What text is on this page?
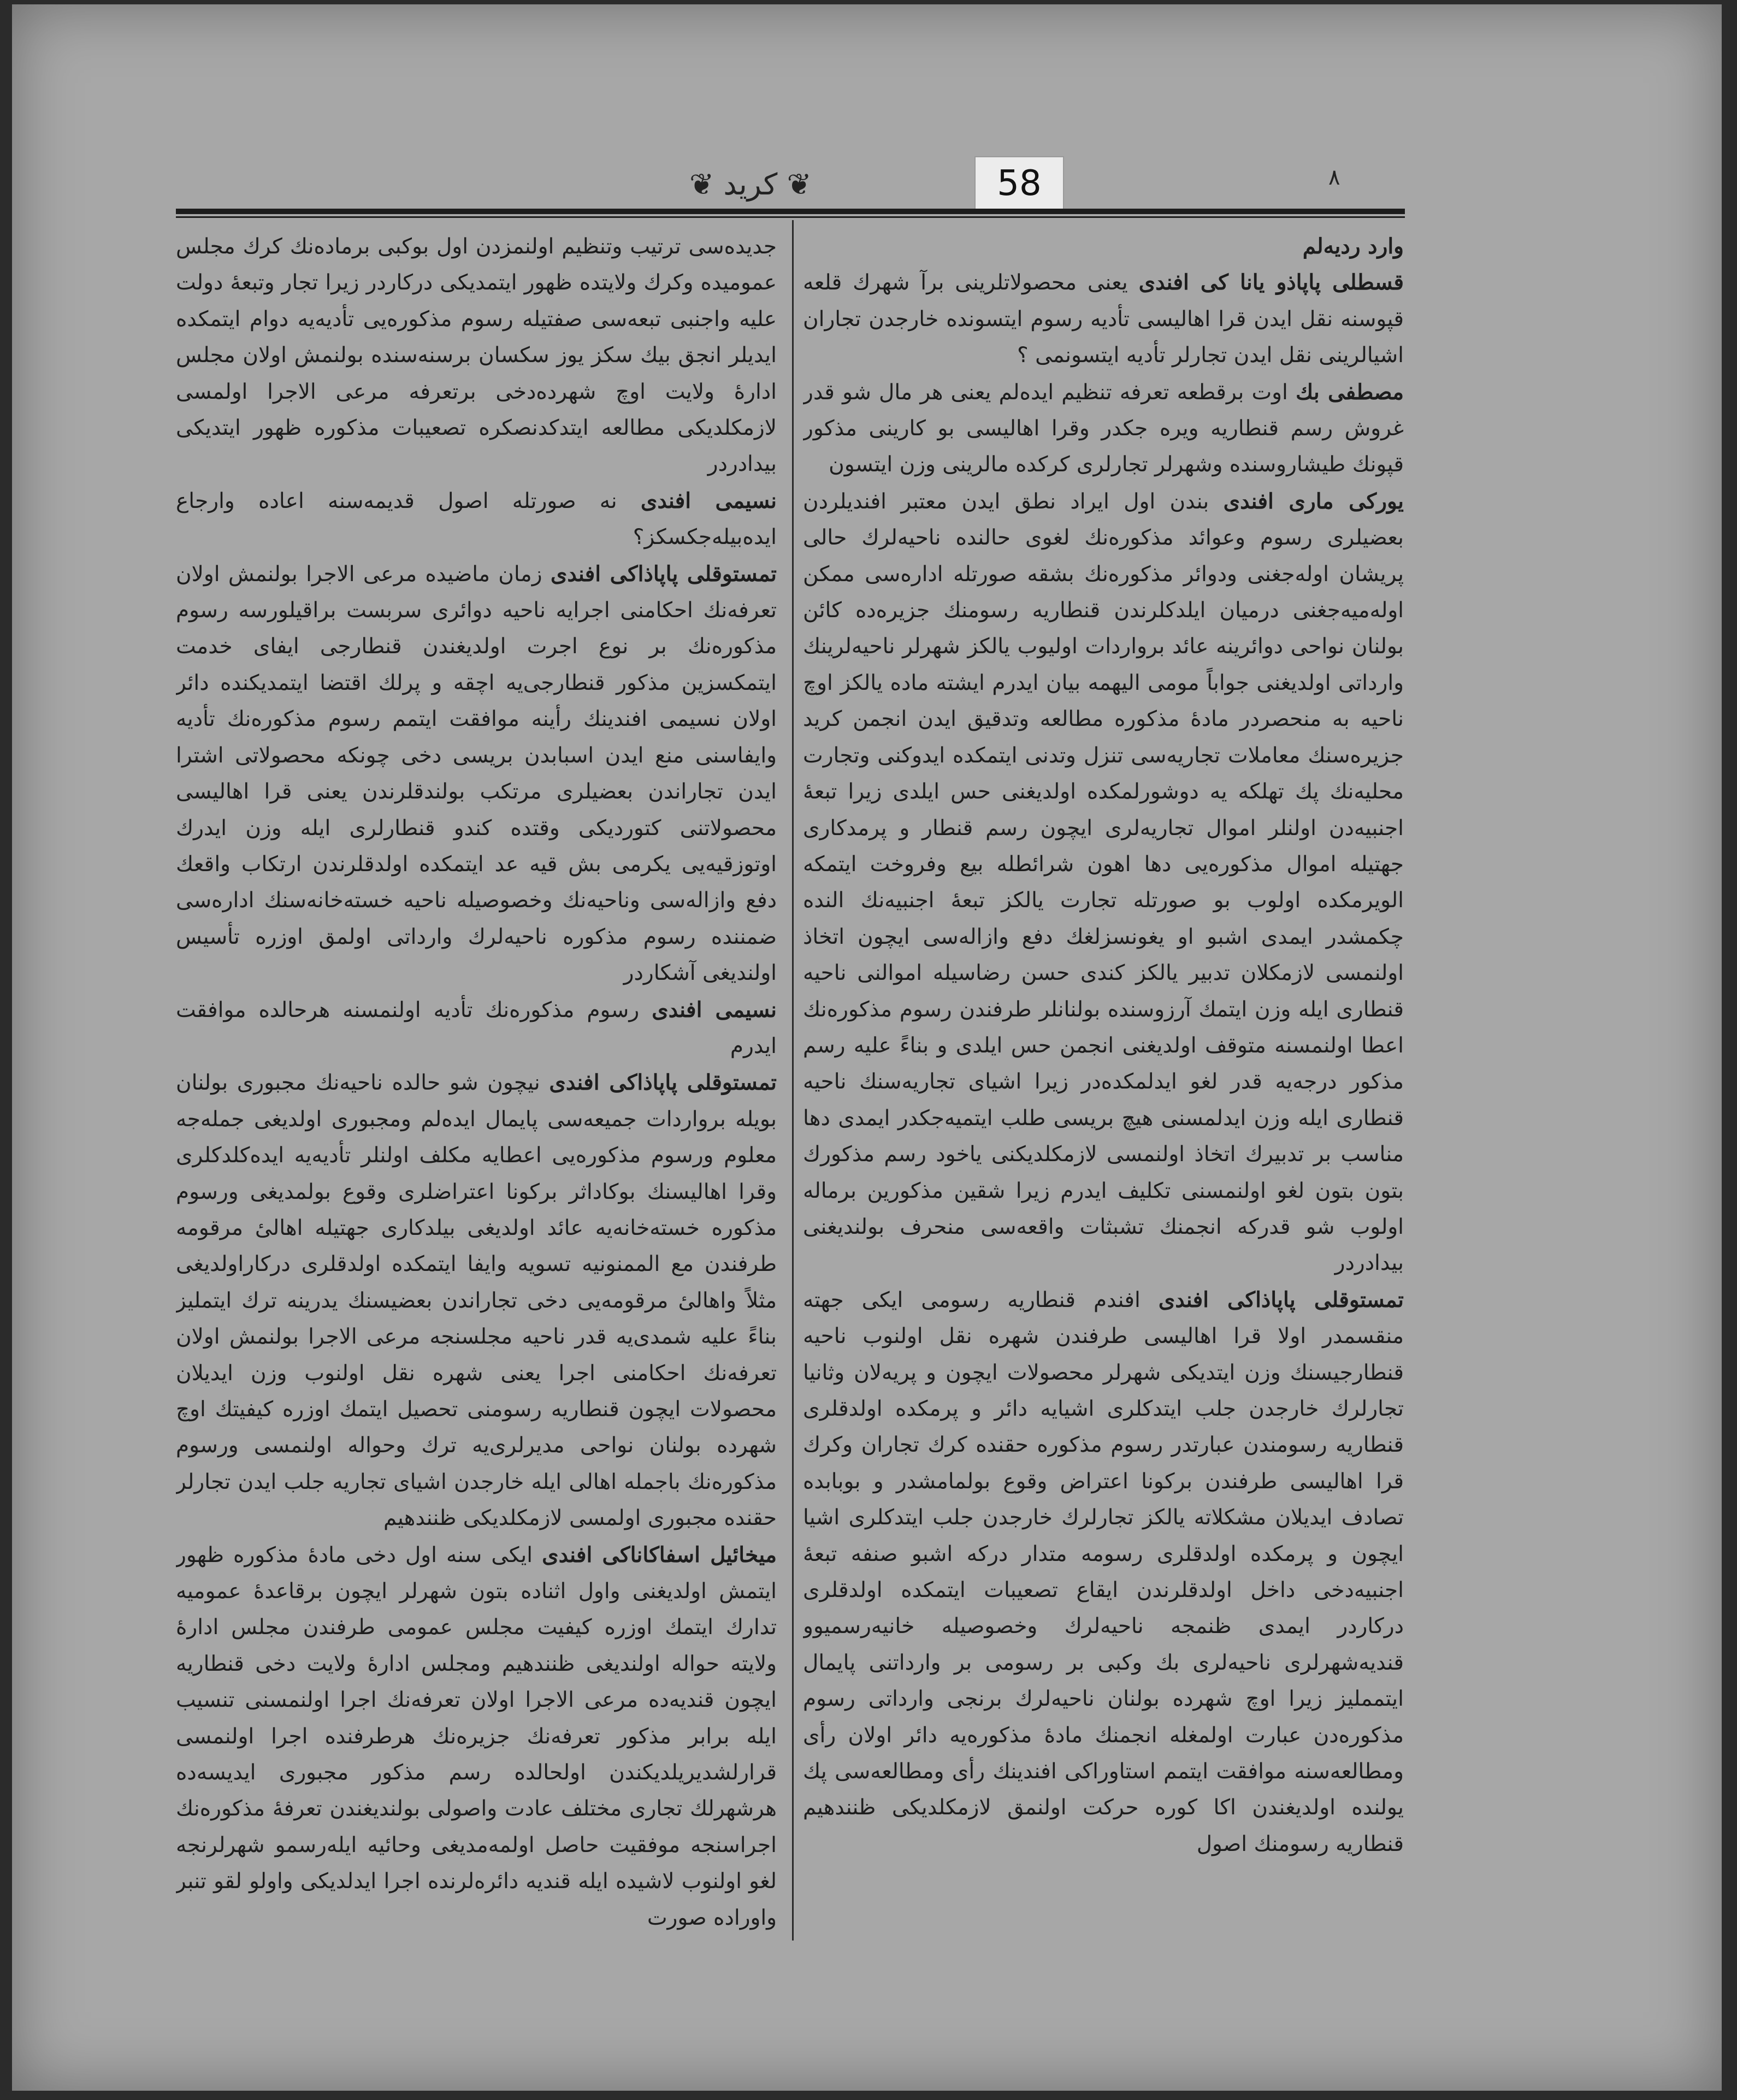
❦ کرید ❦	58	٨

وارد ردیه‌لم

قسطلی پاپاذو یانا کی افندی یعنی محصولاتلرینی برآ شهرك قلعه قپوسنه نقل ایدن قرا اهالیسی تأدیه رسوم ایتسونده خارجدن تجاران اشیالرینی نقل ایدن تجارلر تأدیه ایتسونمی ؟

مصطفی بك اوت برقطعه تعرفه تنظیم ایده‌لم یعنی هر مال شو قدر غروش رسم قنطاریه ویره جکدر وقرا اهالیسی بو کارینی مذکور قپونك طیشاروسنده وشهرلر تجارلری کرکده مالرینی وزن ایتسون

یورکی ماری افندی بندن اول ایراد نطق ایدن معتبر افندیلردن بعضیلری رسوم وعوائد مذکوره‌نك لغوی حالنده ناحیه‌لرك حالی پریشان اوله‌جغنی ودوائر مذکوره‌نك بشقه صورتله اداره‌سی ممکن اوله‌میه‌جغنی درمیان ایلدکلرندن قنطاریه رسومنك جزیره‌ده کائن بولنان نواحی دوائرینه عائد برواردات اولیوب یالکز شهرلر ناحیه‌لرینك وارداتی اولدیغنی جواباً مومی الیهمه بیان ایدرم ایشته ماده یالکز اوچ ناحیه به منحصردر ماده‌ٔ مذکوره مطالعه وتدقیق ایدن انجمن کرید جزیره‌سنك معاملات تجاریه‌سی تنزل وتدنی ایتمکده ایدوکنی وتجارت محلیه‌نك پك تهلکه یه دوشورلمکده اولدیغنی حس ایلدی زیرا تبعهٔ اجنبیه‌دن اولنلر اموال تجاریه‌لری ایچون رسم قنطار و پرمدکاری جهتیله اموال مذکوره‌یی دها اهون شرائطله بیع وفروخت ایتمکه الویرمکده اولوب بو صورتله تجارت یالکز تبعهٔ اجنبیه‌نك النده چکمشدر ایمدی اشبو او یغونسزلغك دفع وازاله‌سی ایچون اتخاذ اولنمسی لازمکلان تدبیر یالکز کندی حسن رضاسیله اموالنی ناحیه قنطاری ایله وزن ایتمك آرزوسنده بولنانلر طرفندن رسوم مذکوره‌نك اعطا اولنمسنه متوقف اولدیغنی انجمن حس ایلدی و بناءً علیه رسم مذکور درجه‌یه قدر لغو ایدلمکده‌در زیرا اشیای تجاریه‌سنك ناحیه قنطاری ایله وزن ایدلمسنی هیچ بریسی طلب ایتمیه‌جکدر ایمدی دها مناسب بر تدبیرك اتخاذ اولنمسی لازمکلدیکنی یاخود رسم مذکورك بتون بتون لغو اولنمسنی تکلیف ایدرم زیرا شقین مذکورین برماله اولوب شو قدرکه انجمنك تشبثات واقعه‌سی منحرف بولندیغنی بیدادردر

تمستوقلی پاپاذاکی افندی افندم قنطاریه رسومی ایکی جهته منقسمدر اولا قرا اهالیسی طرفندن شهره نقل اولنوب ناحیه قنطارجیسنك وزن ایتدیکی شهرلر محصولات ایچون و پریه‌لان وثانیا تجارلرك خارجدن جلب ایتدکلری اشیایه دائر و پرمکده اولدقلری قنطاریه رسومندن عبارتدر رسوم مذکوره حقنده کرك تجاران وکرك قرا اهالیسی طرفندن برکونا اعتراض وقوع بولمامشدر و بوبابده تصادف ایدیلان مشکلاته یالکز تجارلرك خارجدن جلب ایتدکلری اشیا ایچون و پرمکده اولدقلری رسومه متدار درکه اشبو صنفه تبعهٔ اجنبیه‌دخی داخل اولدقلرندن ایقاع تصعیبات ایتمکده اولدقلری درکاردر ایمدی ظنمجه ناحیه‌لرك وخصوصیله خانیه‌رسمیوو قندیه‌شهرلری ناحیه‌لری بك وکبی بر رسومی بر وارداتنی پایمال ایتمملیز زیرا اوچ شهرده بولنان ناحیه‌لرك برنجی وارداتی رسوم مذکوره‌دن عبارت اولمغله انجمنك مادهٔ مذکوره‌یه دائر اولان رأی ومطالعه‌سنه موافقت ایتمم استاوراکی افندینك رأی ومطالعه‌سی پك یولنده اولدیغندن اکا کوره حرکت اولنمق لازمکلدیکی ظنندهیم قنطاریه رسومنك اصول

جدیده‌سی ترتیب وتنظیم اولنمزدن اول بوکبی برماده‌نك کرك مجلس عمومیده وکرك ولایتده ظهور ایتمدیکی درکاردر زیرا تجار وتبعهٔ دولت علیه واجنبی تبعه‌سی صفتیله رسوم مذکوره‌یی تأدیه‌یه دوام ایتمکده ایدیلر انجق بیك سکز یوز سکسان برسنه‌سنده بولنمش اولان مجلس ادارهٔ ولایت اوچ شهرده‌دخی برتعرفه مرعی الاجرا اولمسی لازمکلدیکی مطالعه ایتدکدنصکره تصعیبات مذکوره ظهور ایتدیکی بیدادردر

نسیمی افندی نه صورتله اصول قدیمه‌سنه اعاده وارجاع ایده‌بیله‌جکسکز؟

تمستوقلی پاپاذاکی افندی زمان ماضیده مرعی الاجرا بولنمش اولان تعرفه‌نك احکامنی اجرایه ناحیه دوائری سربست براقیلورسه رسوم مذکوره‌نك بر نوع اجرت اولدیغندن قنطارجی ایفای خدمت ایتمکسزین مذکور قنطارجی‌یه اچقه و پرلك اقتضا ایتمدیکنده دائر اولان نسیمی افندینك رأینه موافقت ایتمم رسوم مذکوره‌نك تأدیه وایفاسنی منع ایدن اسبابدن بریسی دخی چونکه محصولاتی اشترا ایدن تجاراندن بعضیلری مرتکب بولندقلرندن یعنی قرا اهالیسی محصولاتنی کتوردیکی وقتده کندو قنطارلری ایله وزن ایدرك اوتوزقیه‌یی یکرمی بش قیه عد ایتمکده اولدقلرندن ارتکاب واقعك دفع وازاله‌سی وناحیه‌نك وخصوصیله ناحیه خسته‌خانه‌سنك اداره‌سی ضمننده رسوم مذکوره ناحیه‌لرك وارداتی اولمق اوزره تأسیس اولندیغی آشکاردر

نسیمی افندی رسوم مذکوره‌نك تأدیه اولنمسنه هرحالده موافقت ایدرم

تمستوقلی پاپاذاکی افندی نیچون شو حالده ناحیه‌نك مجبوری بولنان بویله برواردات جمیعه‌سی پایمال ایده‌لم ومجبوری اولدیغی جمله‌جه معلوم ورسوم مذکوره‌یی اعطایه مکلف اولنلر تأدیه‌یه ایده‌کلدکلری وقرا اهالیسنك بوکاداثر برکونا اعتراضلری وقوع بولمدیغی ورسوم مذکوره خسته‌خانه‌یه عائد اولدیغی بیلدکاری جهتیله اهالیٔ مرقومه طرفندن مع الممنونیه تسویه وایفا ایتمکده اولدقلری درکاراولدیغی مثلاً واهالیٔ مرقومه‌یی دخی تجاراندن بعضیسنك یدرینه ترك ایتملیز بناءً علیه شمدی‌یه قدر ناحیه مجلسنجه مرعی الاجرا بولنمش اولان تعرفه‌نك احکامنی اجرا یعنی شهره نقل اولنوب وزن ایدیلان محصولات ایچون قنطاریه رسومنی تحصیل ایتمك اوزره کیفیتك اوچ شهرده بولنان نواحی مدیرلری‌یه ترك وحواله اولنمسی ورسوم مذکوره‌نك باجمله اهالی ایله خارجدن اشیای تجاریه جلب ایدن تجارلر حقنده مجبوری اولمسی لازمکلدیکی ظنندهیم

میخائیل اسفاکاناکی افندی ایکی سنه اول دخی مادهٔ مذکوره ظهور ایتمش اولدیغنی واول اثناده بتون شهرلر ایچون برقاعدهٔ عمومیه تدارك ایتمك اوزره کیفیت مجلس عمومی طرفندن مجلس ادارهٔ ولایته حواله اولندیغی ظنندهیم ومجلس ادارهٔ ولایت دخی قنطاریه ایچون قندیه‌ده مرعی الاجرا اولان تعرفه‌نك اجرا اولنمسنی تنسیب ایله برابر مذکور تعرفه‌نك جزیره‌نك هرطرفنده اجرا اولنمسی قرارلشدیریلدیکندن اولحالده رسم مذکور مجبوری ایدیسه‌ده هرشهرلك تجاری مختلف عادت واصولی بولندیغندن تعرفهٔ مذکوره‌نك اجراسنجه موفقیت حاصل اولمه‌مدیغی وحائیه ایله‌رسمو شهرلرنجه لغو اولنوب لاشیده ایله قندیه دائره‌لرنده اجرا ایدلدیکی واولو لقو تنبر واوراده صورت
